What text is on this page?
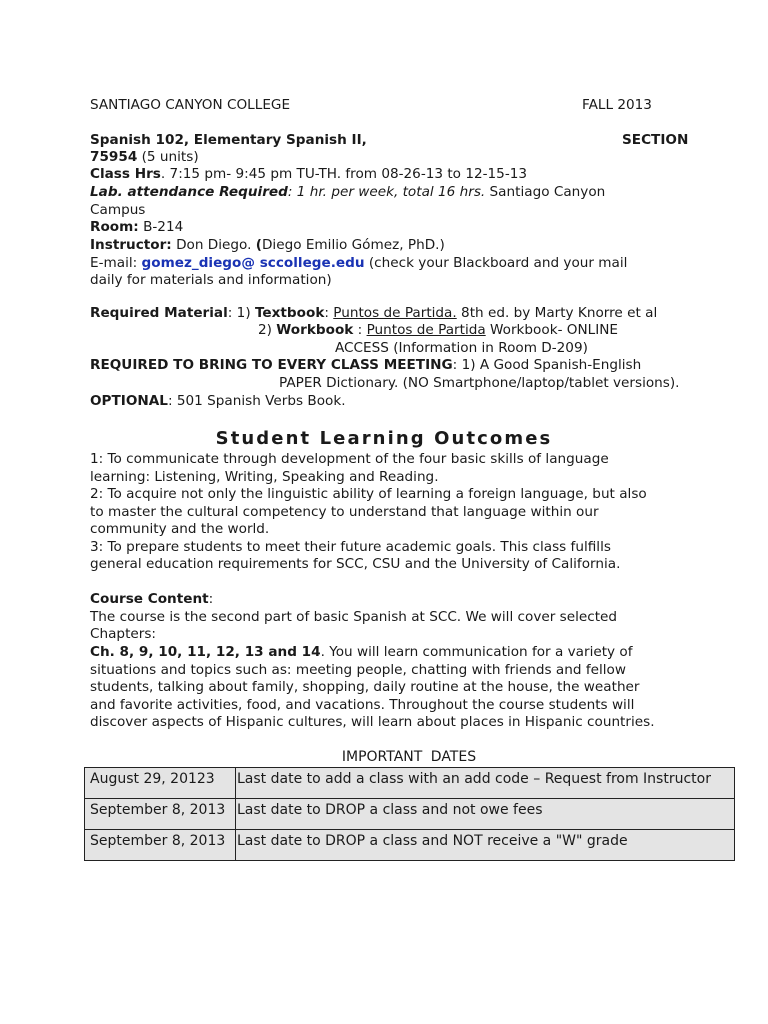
SANTIAGO CANYON COLLEGE	FALL 2013
Spanish 102, Elementary Spanish II,	SECTION
75954 (5 units)
Class Hrs. 7:15 pm- 9:45 pm TU-TH. from 08-26-13 to 12-15-13
Lab. attendance Required: 1 hr. per week, total 16 hrs. Santiago Canyon
Campus
Room: B-214
Instructor: Don Diego. (Diego Emilio Gómez, PhD.)
E-mail: gomez_diego@ sccollege.edu (check your Blackboard and your mail
daily for materials and information)
Required Material: 1) Textbook: Puntos de Partida. 8th ed. by Marty Knorre et al
2) Workbook : Puntos de Partida Workbook- ONLINE
ACCESS (Information in Room D-209)
REQUIRED TO BRING TO EVERY CLASS MEETING: 1) A Good Spanish-English
PAPER Dictionary. (NO Smartphone/laptop/tablet versions).
OPTIONAL: 501 Spanish Verbs Book.
Student Learning Outcomes
1: To communicate through development of the four basic skills of language
learning: Listening, Writing, Speaking and Reading.
2: To acquire not only the linguistic ability of learning a foreign language, but also
to master the cultural competency to understand that language within our
community and the world.
3: To prepare students to meet their future academic goals. This class fulfills
general education requirements for SCC, CSU and the University of California.
Course Content:
The course is the second part of basic Spanish at SCC. We will cover selected
Chapters:
Ch. 8, 9, 10, 11, 12, 13 and 14. You will learn communication for a variety of
situations and topics such as: meeting people, chatting with friends and fellow
students, talking about family, shopping, daily routine at the house, the weather
and favorite activities, food, and vacations. Throughout the course students will
discover aspects of Hispanic cultures, will learn about places in Hispanic countries.
IMPORTANT DATES
August 29, 20123	Last date to add a class with an add code – Request from Instructor
September 8, 2013	Last date to DROP a class and not owe fees
September 8, 2013	Last date to DROP a class and NOT receive a "W" grade
